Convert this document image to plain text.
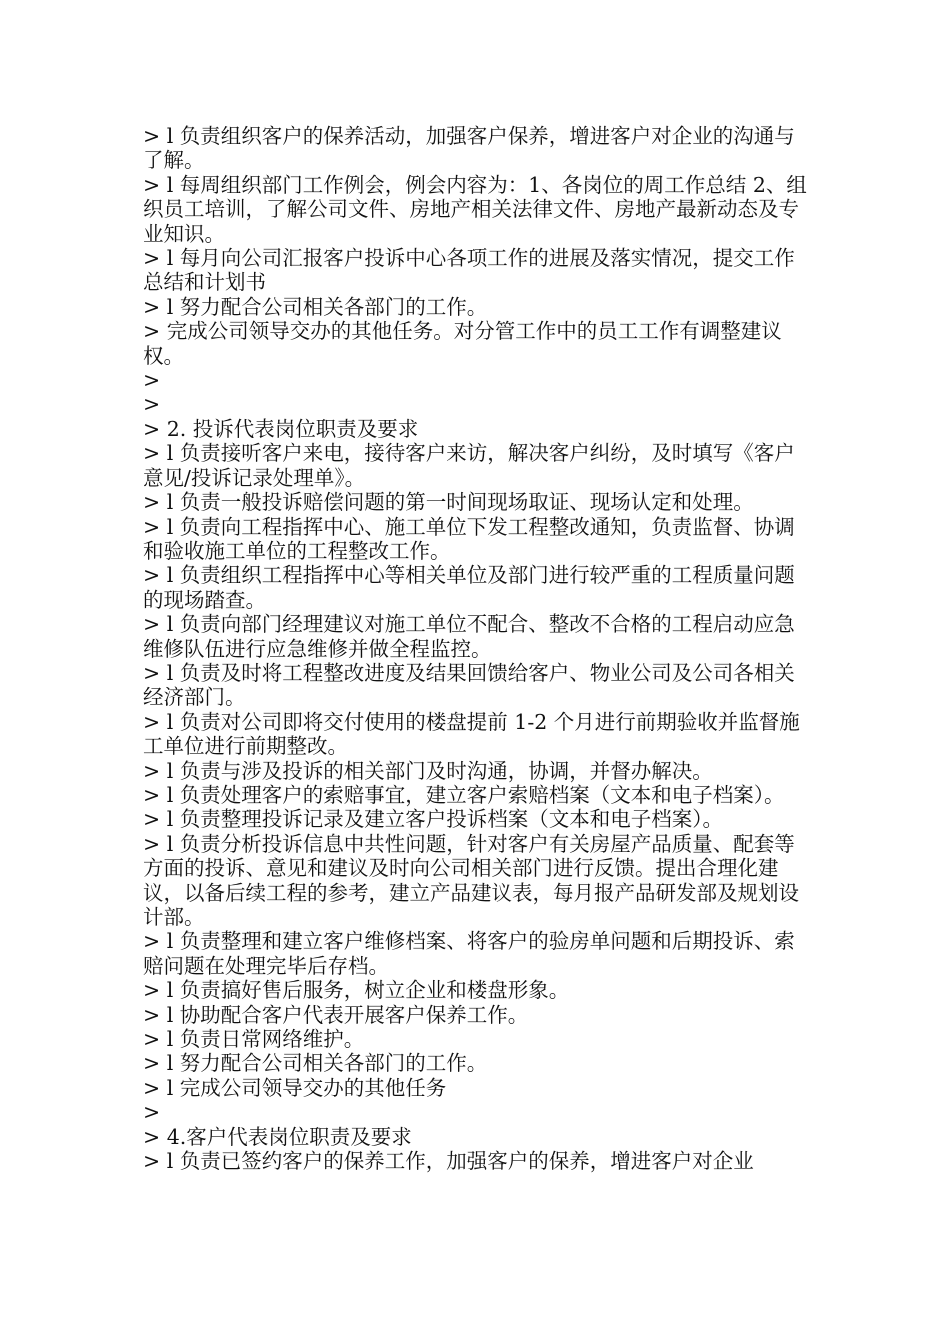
> l 负责组织客户的保养活动，加强客户保养，增进客户对企业的沟通与了解。

> l 每周组织部门工作例会，例会内容为：1、各岗位的周工作总结 2、组织员工培训，了解公司文件、房地产相关法律文件、房地产最新动态及专业知识。

> l 每月向公司汇报客户投诉中心各项工作的进展及落实情况，提交工作总结和计划书

> l 努力配合公司相关各部门的工作。

> 完成公司领导交办的其他任务。对分管工作中的员工工作有调整建议权。

>

>

> 2. 投诉代表岗位职责及要求

> l 负责接听客户来电，接待客户来访，解决客户纠纷，及时填写《客户意见/投诉记录处理单》。

> l 负责一般投诉赔偿问题的第一时间现场取证、现场认定和处理。

> l 负责向工程指挥中心、施工单位下发工程整改通知，负责监督、协调和验收施工单位的工程整改工作。

> l 负责组织工程指挥中心等相关单位及部门进行较严重的工程质量问题的现场踏查。

> l 负责向部门经理建议对施工单位不配合、整改不合格的工程启动应急维修队伍进行应急维修并做全程监控。

> l 负责及时将工程整改进度及结果回馈给客户、物业公司及公司各相关经济部门。

> l 负责对公司即将交付使用的楼盘提前 1-2 个月进行前期验收并监督施工单位进行前期整改。

> l 负责与涉及投诉的相关部门及时沟通，协调，并督办解决。

> l 负责处理客户的索赔事宜，建立客户索赔档案（文本和电子档案）。

> l 负责整理投诉记录及建立客户投诉档案（文本和电子档案）。

> l 负责分析投诉信息中共性问题，针对客户有关房屋产品质量、配套等方面的投诉、意见和建议及时向公司相关部门进行反馈。提出合理化建议，以备后续工程的参考，建立产品建议表，每月报产品研发部及规划设计部。

> l 负责整理和建立客户维修档案、将客户的验房单问题和后期投诉、索赔问题在处理完毕后存档。

> l 负责搞好售后服务，树立企业和楼盘形象。

> l 协助配合客户代表开展客户保养工作。

> l 负责日常网络维护。

> l 努力配合公司相关各部门的工作。

> l 完成公司领导交办的其他任务

>

> 4.客户代表岗位职责及要求

> l 负责已签约客户的保养工作，加强客户的保养，增进客户对企业
